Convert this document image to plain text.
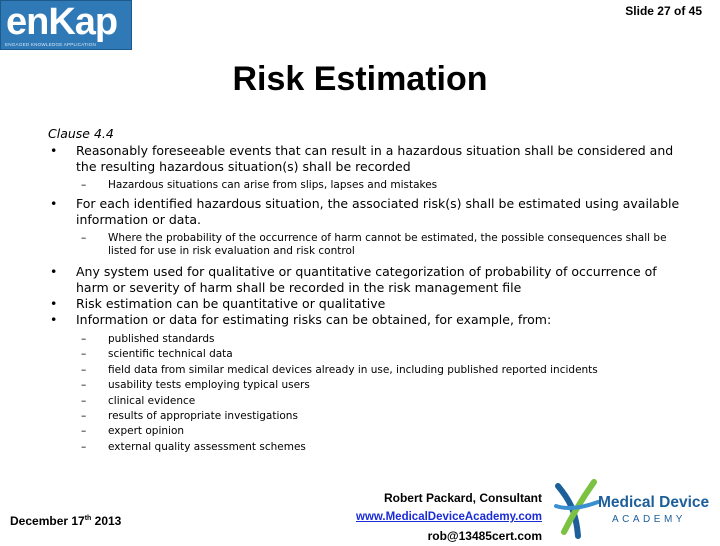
enKap
ENGAGED KNOWLEDGE APPLICATION
Slide 27 of 45
Risk Estimation
Clause 4.4
• Reasonably foreseeable events that can result in a hazardous situation shall be considered and the resulting hazardous situation(s) shall be recorded
– Hazardous situations can arise from slips, lapses and mistakes
• For each identified hazardous situation, the associated risk(s) shall be estimated using available information or data.
– Where the probability of the occurrence of harm cannot be estimated, the possible consequences shall be listed for use in risk evaluation and risk control
• Any system used for qualitative or quantitative categorization of probability of occurrence of harm or severity of harm shall be recorded in the risk management file
• Risk estimation can be quantitative or qualitative
• Information or data for estimating risks can be obtained, for example, from:
– published standards
– scientific technical data
– field data from similar medical devices already in use, including published reported incidents
– usability tests employing typical users
– clinical evidence
– results of appropriate investigations
– expert opinion
– external quality assessment schemes
December 17th 2013
Robert Packard, Consultant
www.MedicalDeviceAcademy.com
rob@13485cert.com
Medical Device
ACADEMY
